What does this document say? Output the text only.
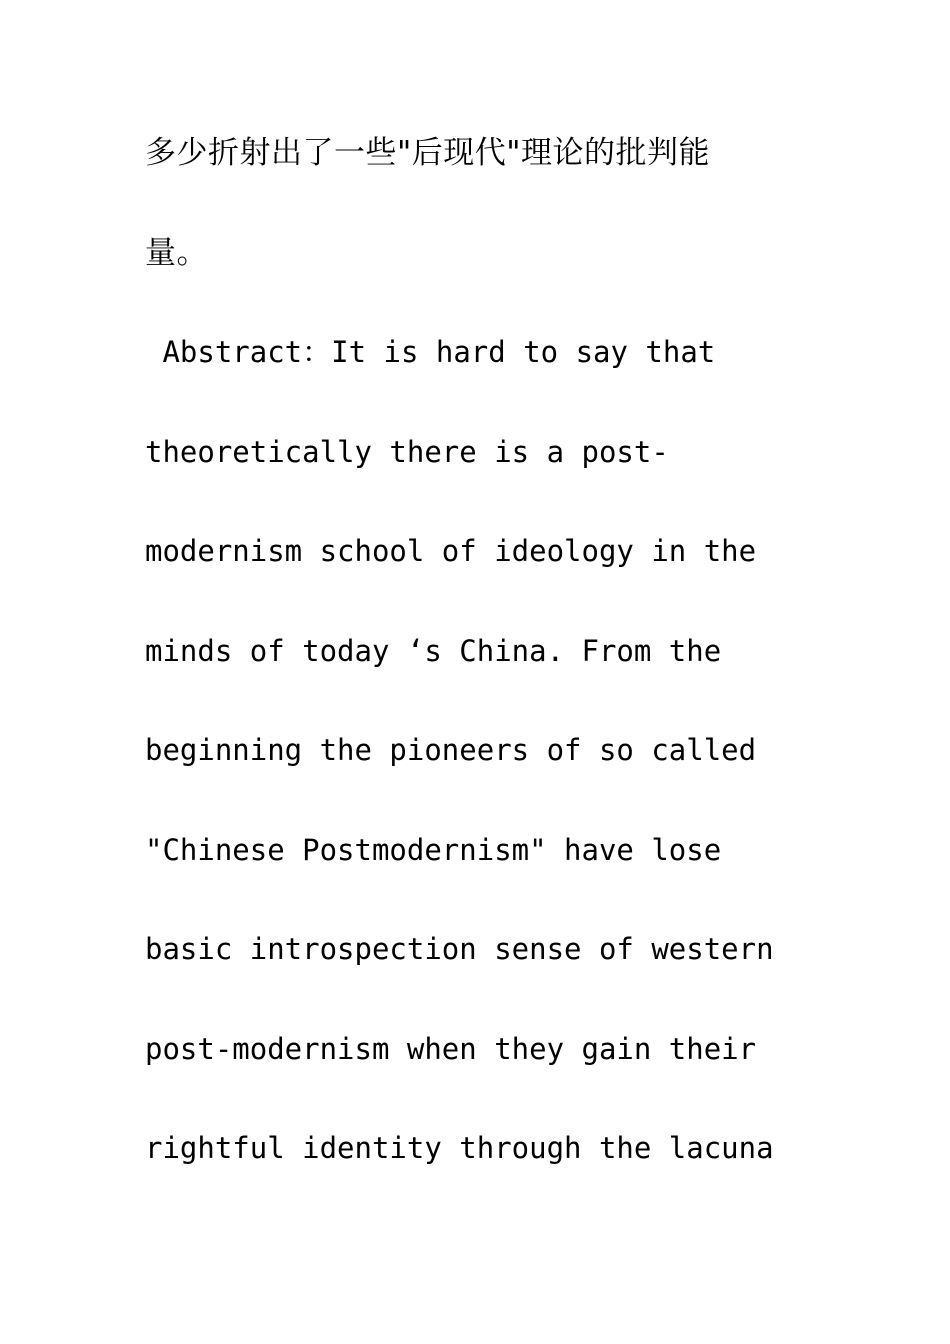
多少折射出了一些"后现代"理论的批判能
量。
Abstract：It is hard to say that
theoretically there is a post-
modernism school of ideology in the
minds of today ‘s China. From the
beginning the pioneers of so called
"Chinese Postmodernism" have lose
basic introspection sense of western
post-modernism when they gain their
rightful identity through the lacuna
